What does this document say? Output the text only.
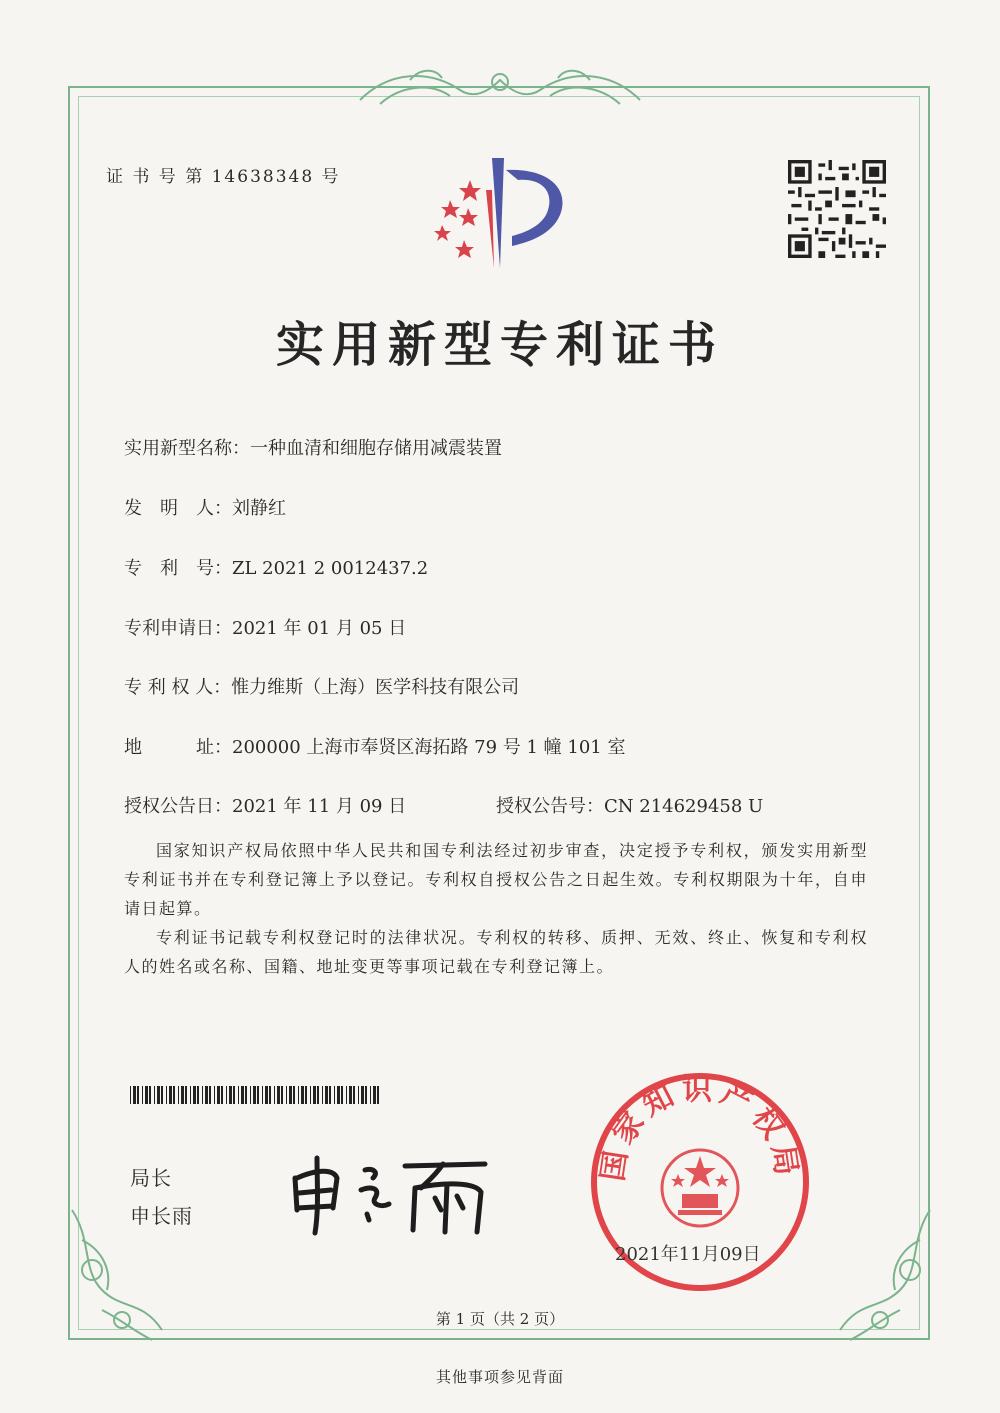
证 书 号 第 14638348 号
实用新型专利证书
实用新型名称：一种血清和细胞存储用减震装置
发　明　人：刘静红
专　利　号：ZL 2021 2 0012437.2
专利申请日：2021 年 01 月 05 日
专 利 权 人：惟力维斯（上海）医学科技有限公司
地　　　址：200000 上海市奉贤区海拓路 79 号 1 幢 101 室
授权公告日：2021 年 11 月 09 日	授权公告号：CN 214629458 U
国家知识产权局依照中华人民共和国专利法经过初步审查，决定授予专利权，颁发实用新型专利证书并在专利登记簿上予以登记。专利权自授权公告之日起生效。专利权期限为十年，自申请日起算。
专利证书记载专利权登记时的法律状况。专利权的转移、质押、无效、终止、恢复和专利权人的姓名或名称、国籍、地址变更等事项记载在专利登记簿上。
局长
申长雨
国家知识产权局
2021年11月09日
第 1 页（共 2 页）
其他事项参见背面
